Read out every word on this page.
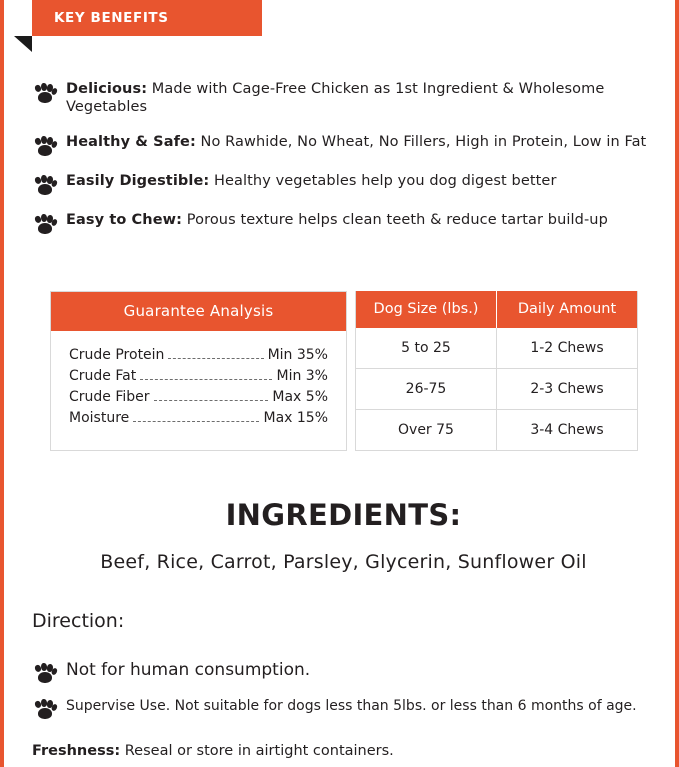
KEY BENEFITS
Delicious: Made with Cage-Free Chicken as 1st Ingredient & Wholesome Vegetables
Healthy & Safe: No Rawhide, No Wheat, No Fillers, High in Protein, Low in Fat
Easily Digestible: Healthy vegetables help you dog digest better
Easy to Chew: Porous texture helps clean teeth & reduce tartar build-up
Guarantee Analysis
Crude Protein	Min 35%
Crude Fat	Min 3%
Crude Fiber	Max 5%
Moisture	Max 15%
Dog Size (lbs.)	Daily Amount
5 to 25	1-2 Chews
26-75	2-3 Chews
Over 75	3-4 Chews
INGREDIENTS:
Beef, Rice, Carrot, Parsley, Glycerin, Sunflower Oil
Direction:
Not for human consumption.
Supervise Use. Not suitable for dogs less than 5lbs. or less than 6 months of age.
Freshness: Reseal or store in airtight containers.
